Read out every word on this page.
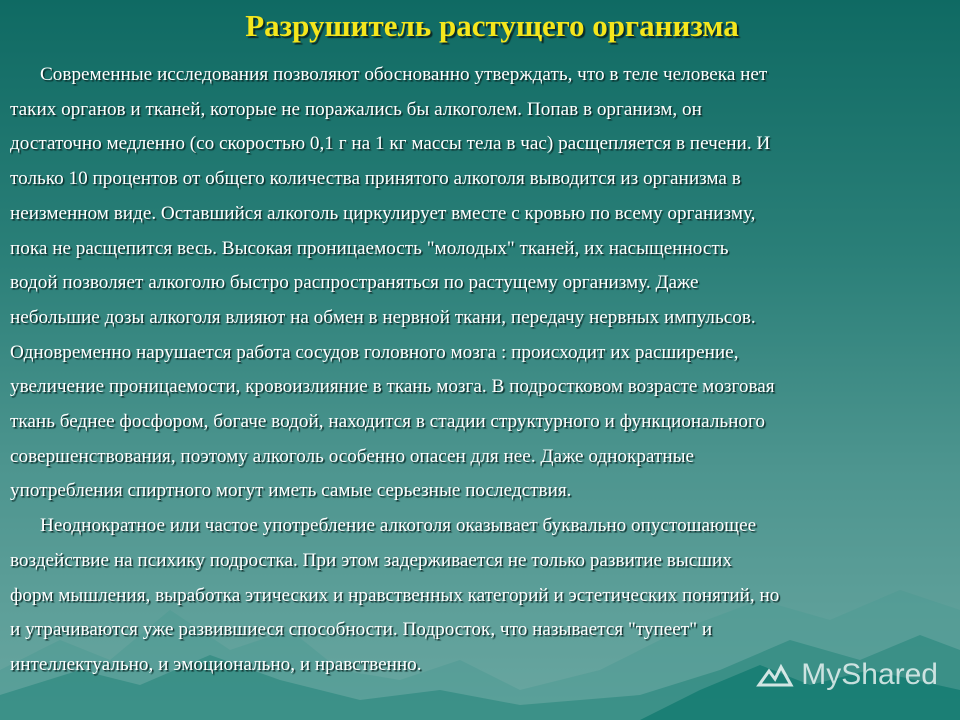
Разрушитель растущего организма
Современные исследования позволяют обоснованно утверждать, что в теле человека нет
таких органов и тканей, которые не поражались бы алкоголем. Попав в организм, он
достаточно медленно (со скоростью 0,1 г на 1 кг массы тела в час) расщепляется в печени. И
только 10 процентов от общего количества принятого алкоголя выводится из организма в
неизменном виде. Оставшийся алкоголь циркулирует вместе с кровью по всему организму,
пока не расщепится весь. Высокая проницаемость "молодых" тканей, их насыщенность
водой позволяет алкоголю быстро распространяться по растущему организму. Даже
небольшие дозы алкоголя влияют на обмен в нервной ткани, передачу нервных импульсов.
Одновременно нарушается работа сосудов головного мозга : происходит их расширение,
увеличение проницаемости, кровоизлияние в ткань мозга. В подростковом возрасте мозговая
ткань беднее фосфором, богаче водой, находится в стадии структурного и функционального
совершенствования, поэтому алкоголь особенно опасен для нее. Даже однократные
употребления спиртного могут иметь самые серьезные последствия.
Неоднократное или частое употребление алкоголя оказывает буквально опустошающее
воздействие на психику подростка. При этом задерживается не только развитие высших
форм мышления, выработка этических и нравственных категорий и эстетических понятий, но
и утрачиваются уже развившиеся способности. Подросток, что называется "тупеет" и
интеллектуально, и эмоционально, и нравственно.	MyShared
